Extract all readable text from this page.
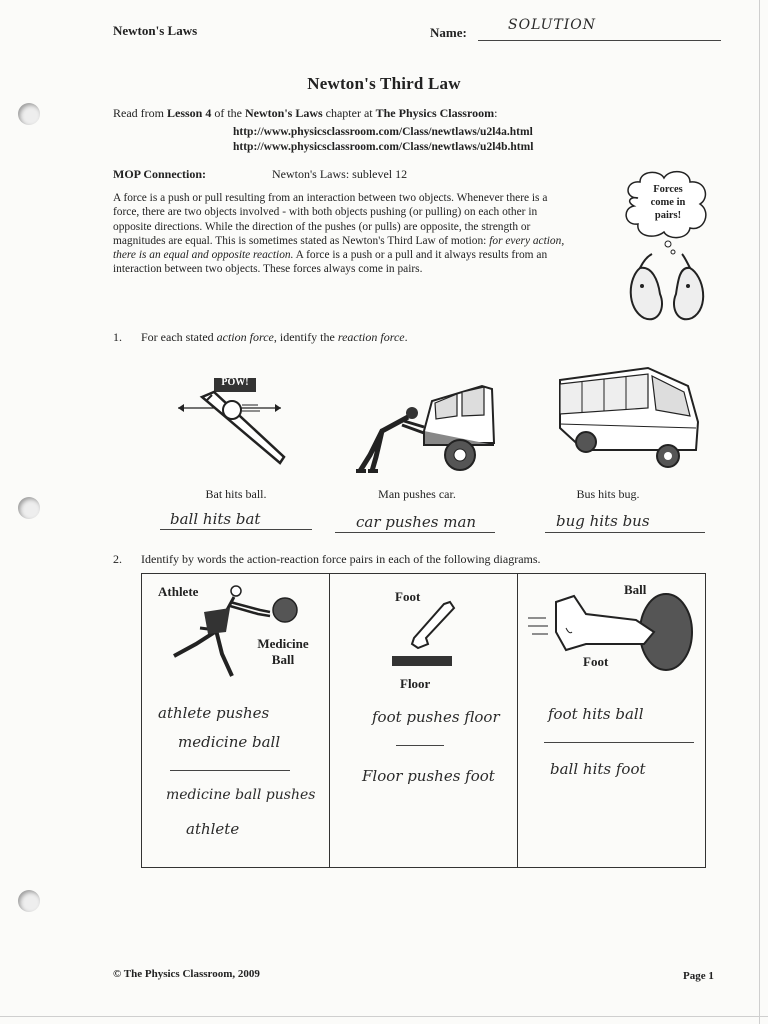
Newton's Laws	Name:	SOLUTION
Newton's Third Law
Read from Lesson 4 of the Newton's Laws chapter at The Physics Classroom:
http://www.physicsclassroom.com/Class/newtlaws/u2l4a.html
http://www.physicsclassroom.com/Class/newtlaws/u2l4b.html
MOP Connection:	Newton's Laws: sublevel 12
A force is a push or pull resulting from an interaction between two objects. Whenever there is a force, there are two objects involved - with both objects pushing (or pulling) on each other in opposite directions. While the direction of the pushes (or pulls) are opposite, the strength or magnitudes are equal. This is sometimes stated as Newton's Third Law of motion: for every action, there is an equal and opposite reaction. A force is a push or a pull and it always results from an interaction between two objects. These forces always come in pairs.
Forces
come in
pairs!
1. For each stated action force, identify the reaction force.
POW!
Bat hits ball.	Man pushes car.	Bus hits bug.
ball hits bat	car pushes man	bug hits bus
2. Identify by words the action-reaction force pairs in each of the following diagrams.
Athlete
Medicine
Ball
athlete pushes
medicine ball
medicine ball pushes
athlete
Foot
Floor
foot pushes floor
Floor pushes foot
Ball
Foot
foot hits ball
ball hits foot
© The Physics Classroom, 2009	Page 1
